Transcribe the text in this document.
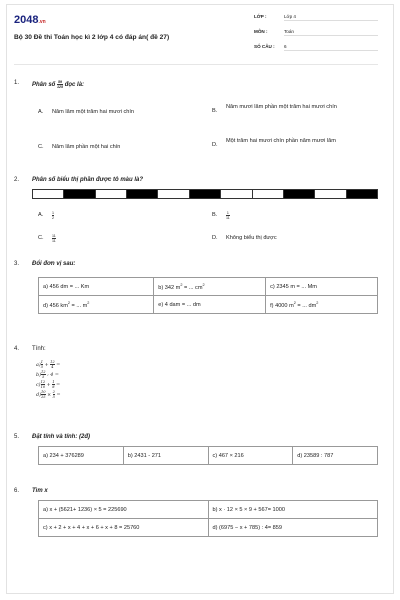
2048.vn
Bộ 30 Đề thi Toán học kì 2 lớp 4 có đáp án( đề 27)
LỚP :	Lớp 4
MÔN :	Toán
SỐ CÂU : 6
1. Phân số $\frac{59}{125}$ đọc là:
A. Năm lăm một trăm hai mươi chín	B.
Năm mươi lăm phần một trăm hai mươi chín
C. Năm lăm phần một hai chín	D.
Một trăm hai mươi chín phần năm mươi lăm
2. Phân số biểu thị phần được tô màu là?
A. $\frac{1}{2}$	B. $\frac{1}{11}$
C. $\frac{11}{11}$	D. Không biểu thị được
3. Đổi đơn vị sau:
a) 456 dm = ... Km	b) 342 $m^2$ = ... $cm^2$	c) 2345 m = ... Mm
d) 456 $km^2$ = ... $m^2$	e) 4 dam = ... dm	f) 4000 $m^2$ = ... $dm^2$
4. Tính:
$a) \frac{1}{5} + \frac{12}{4}$ =
$b) \frac{12}{5}$ : 4 =
$c) \frac{12}{10} + \frac{1}{8}$ =
$d) \frac{10}{25} \times \frac{2}{5}$ =
5. Đặt tính và tính: (2đ)
a) 234 + 376289	b) 2431 - 271	c) 467 × 216	d) 23589 : 787
6. Tìm x
a) x + (5621+ 1236) × 5 = 225690	b) x · 12 × 5 × 9 + 567= 1000
c) x + 2 + x + 4 + x + 6 + x + 8 = 25760	d) (6975 − x + 785) : 4= 859
